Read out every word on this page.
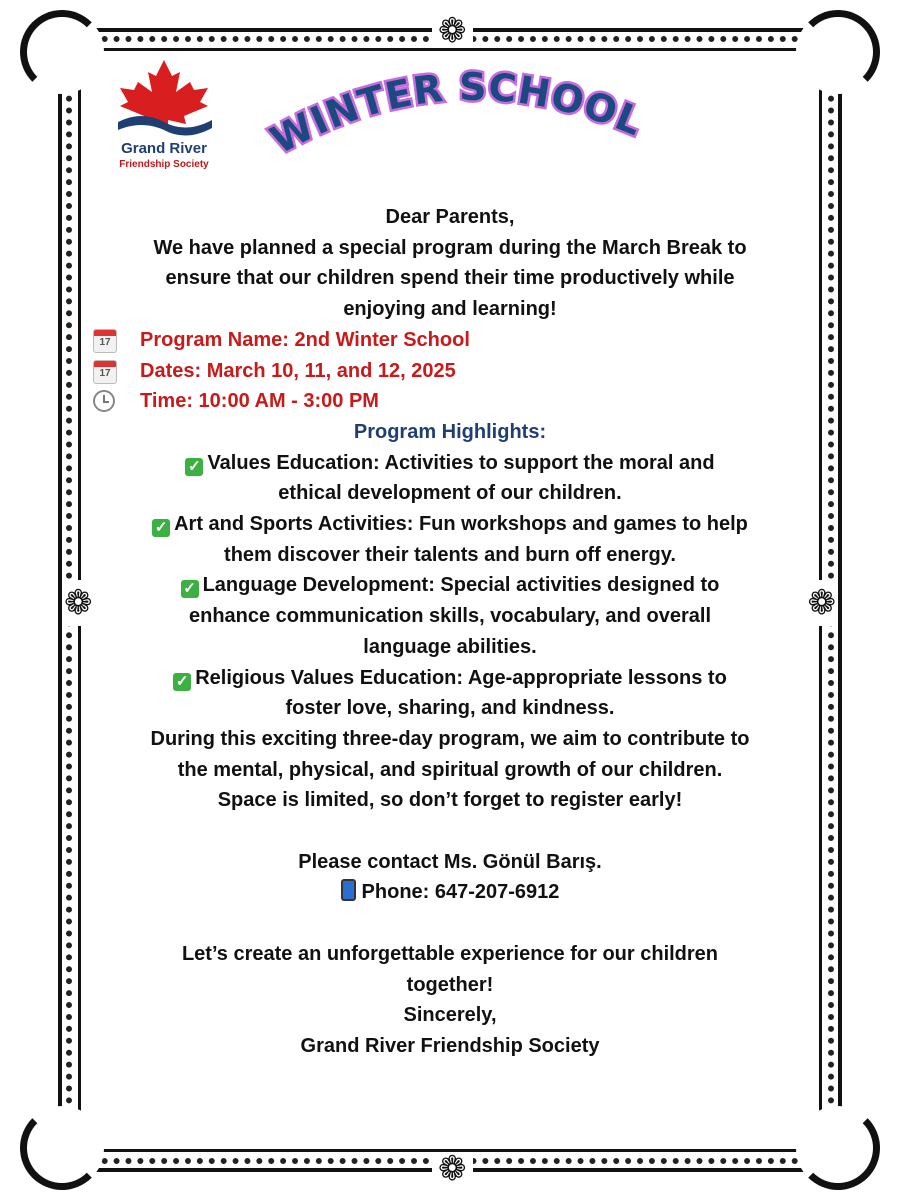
❁
❁
❁	❁
Grand River
Friendship Society
WINTER SCHOOL
Dear Parents,
We have planned a special program during the March Break to
ensure that our children spend their time productively while
enjoying and learning!
17	Program Name: 2nd Winter School
17	Dates: March 10, 11, and 12, 2025
Time: 10:00 AM - 3:00 PM
Program Highlights:
✓ Values Education: Activities to support the moral and
ethical development of our children.
✓ Art and Sports Activities: Fun workshops and games to help
them discover their talents and burn off energy.
✓ Language Development: Special activities designed to
enhance communication skills, vocabulary, and overall
language abilities.
✓ Religious Values Education: Age-appropriate lessons to
foster love, sharing, and kindness.
During this exciting three-day program, we aim to contribute to
the mental, physical, and spiritual growth of our children.
Space is limited, so don’t forget to register early!
Please contact Ms. Gönül Barış.
Phone: 647-207-6912
Let’s create an unforgettable experience for our children
together!
Sincerely,
Grand River Friendship Society
